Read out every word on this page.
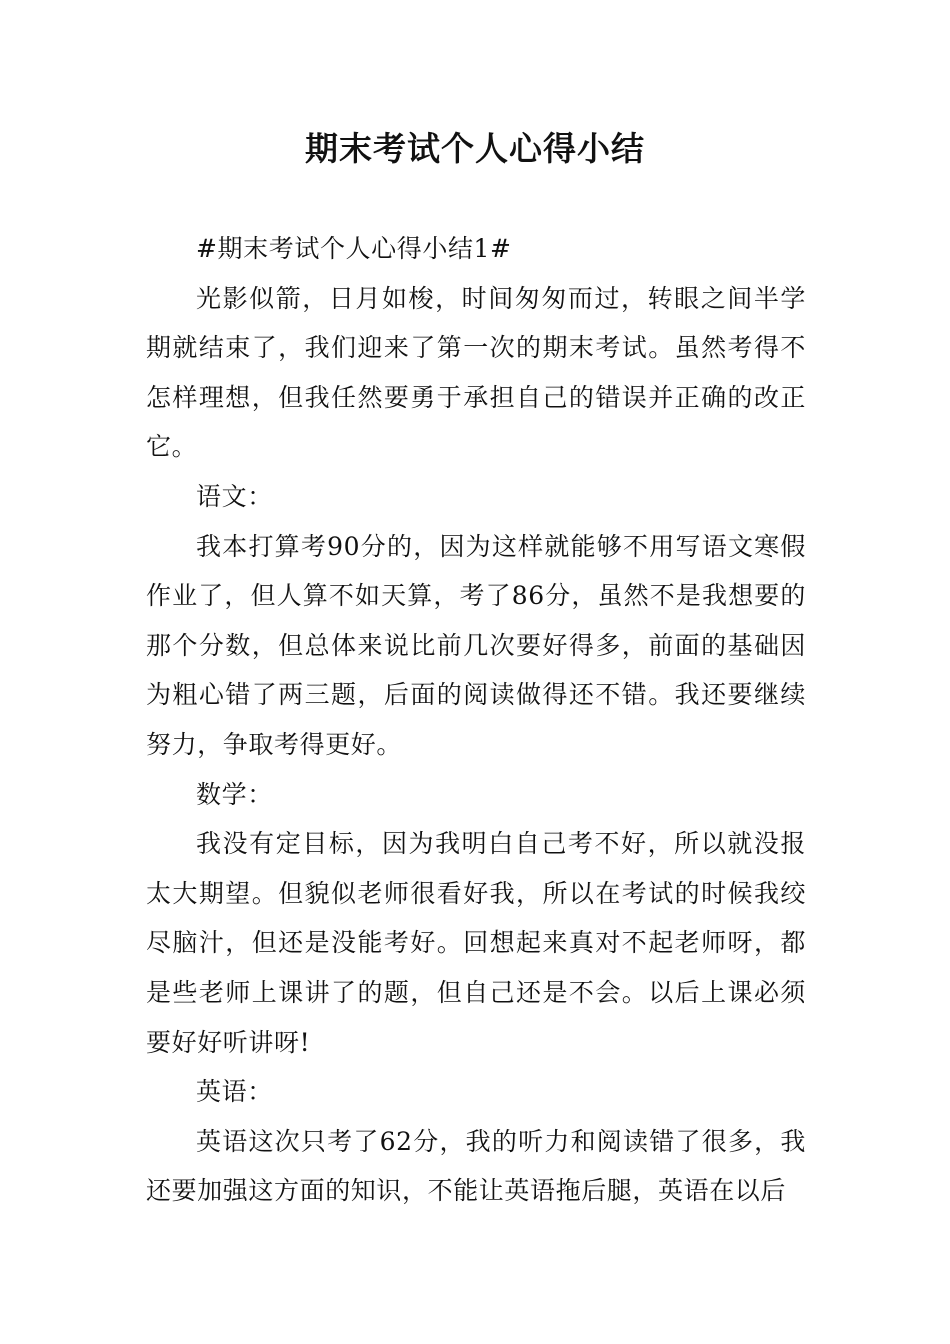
期末考试个人心得小结

#期末考试个人心得小结1#

光影似箭，日月如梭，时间匆匆而过，转眼之间半学期就结束了，我们迎来了第一次的期末考试。虽然考得不怎样理想，但我任然要勇于承担自己的错误并正确的改正它。

语文：

我本打算考90分的，因为这样就能够不用写语文寒假作业了，但人算不如天算，考了86分，虽然不是我想要的那个分数，但总体来说比前几次要好得多，前面的基础因为粗心错了两三题，后面的阅读做得还不错。我还要继续努力，争取考得更好。

数学：

我没有定目标，因为我明白自己考不好，所以就没报太大期望。但貌似老师很看好我，所以在考试的时候我绞尽脑汁，但还是没能考好。回想起来真对不起老师呀，都是些老师上课讲了的题，但自己还是不会。以后上课必须要好好听讲呀!

英语：

英语这次只考了62分，我的听力和阅读错了很多，我还要加强这方面的知识，不能让英语拖后腿，英语在以后
